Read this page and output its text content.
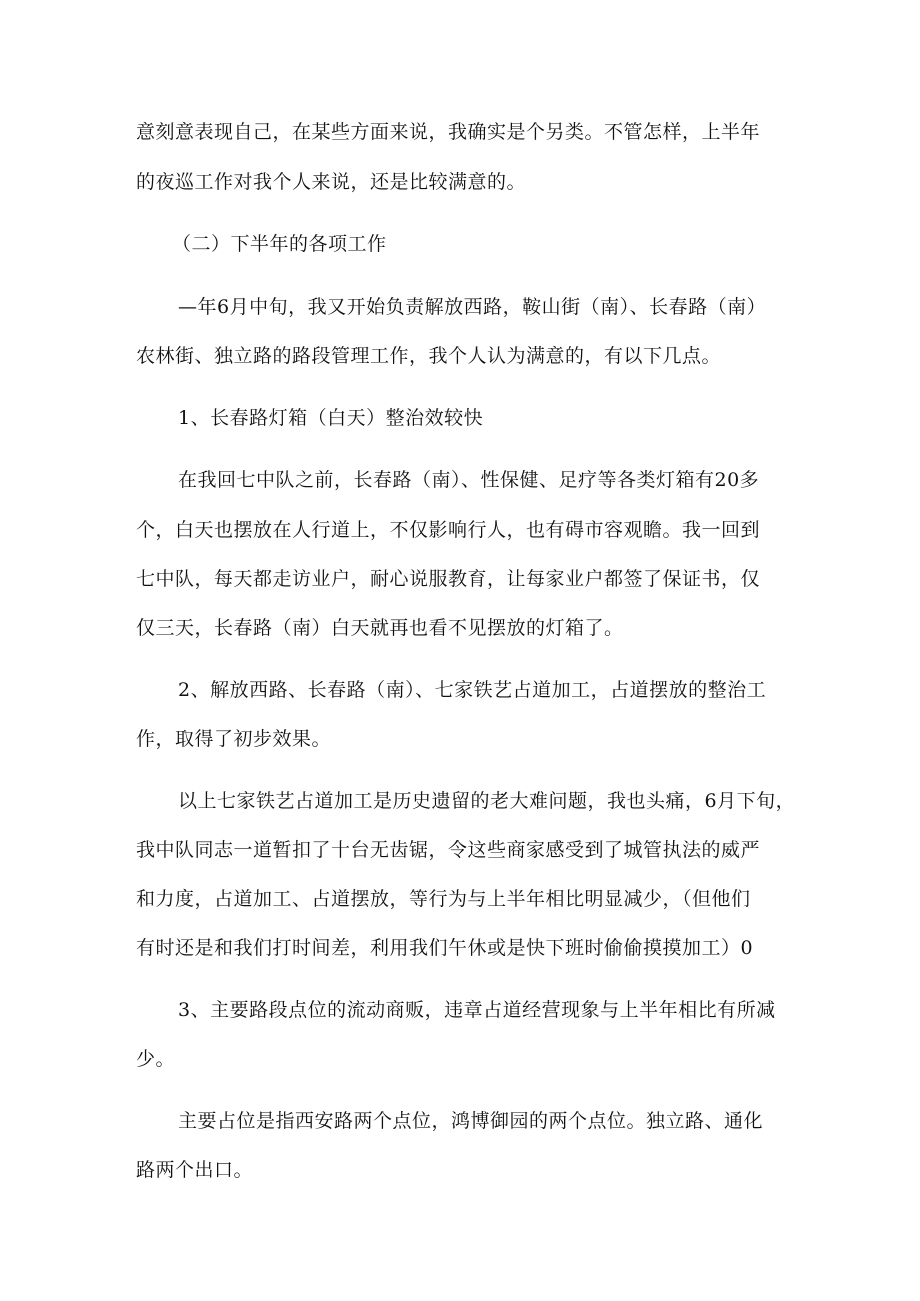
意刻意表现自己，在某些方面来说，我确实是个另类。不管怎样，上半年
的夜巡工作对我个人来说，还是比较满意的。
（二）下半年的各项工作
—年6月中旬，我又开始负责解放西路，鞍山街（南）、长春路（南）
农林街、独立路的路段管理工作，我个人认为满意的，有以下几点。
1、长春路灯箱（白天）整治效较快
在我回七中队之前，长春路（南）、性保健、足疗等各类灯箱有20多
个，白天也摆放在人行道上，不仅影响行人，也有碍市容观瞻。我一回到
七中队，每天都走访业户，耐心说服教育，让每家业户都签了保证书，仅
仅三天，长春路（南）白天就再也看不见摆放的灯箱了。
2、解放西路、长春路（南）、七家铁艺占道加工，占道摆放的整治工
作，取得了初步效果。
以上七家铁艺占道加工是历史遗留的老大难问题，我也头痛，6月下旬，
我中队同志一道暂扣了十台无齿锯，令这些商家感受到了城管执法的威严
和力度，占道加工、占道摆放，等行为与上半年相比明显减少，（但他们
有时还是和我们打时间差，利用我们午休或是快下班时偷偷摸摸加工）0
3、主要路段点位的流动商贩，违章占道经营现象与上半年相比有所减
少。
主要占位是指西安路两个点位，鸿博御园的两个点位。独立路、通化
路两个出口。
